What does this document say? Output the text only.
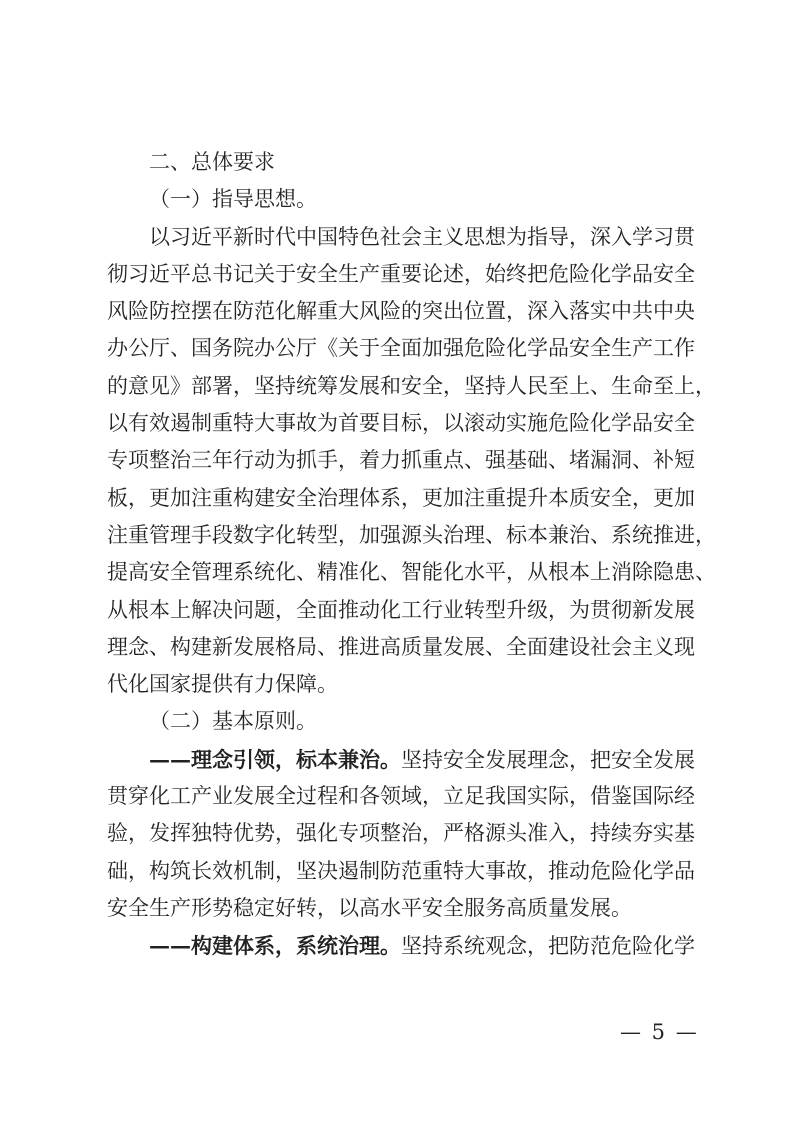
二、总体要求
（一）指导思想。
以习近平新时代中国特色社会主义思想为指导，深入学习贯
彻习近平总书记关于安全生产重要论述，始终把危险化学品安全
风险防控摆在防范化解重大风险的突出位置，深入落实中共中央
办公厅、国务院办公厅《关于全面加强危险化学品安全生产工作
的意见》部署，坚持统筹发展和安全，坚持人民至上、生命至上，
以有效遏制重特大事故为首要目标，以滚动实施危险化学品安全
专项整治三年行动为抓手，着力抓重点、强基础、堵漏洞、补短
板，更加注重构建安全治理体系，更加注重提升本质安全，更加
注重管理手段数字化转型，加强源头治理、标本兼治、系统推进，
提高安全管理系统化、精准化、智能化水平，从根本上消除隐患、
从根本上解决问题，全面推动化工行业转型升级，为贯彻新发展
理念、构建新发展格局、推进高质量发展、全面建设社会主义现
代化国家提供有力保障。
（二）基本原则。
——理念引领，标本兼治。坚持安全发展理念，把安全发展
贯穿化工产业发展全过程和各领域，立足我国实际，借鉴国际经
验，发挥独特优势，强化专项整治，严格源头准入，持续夯实基
础，构筑长效机制，坚决遏制防范重特大事故，推动危险化学品
安全生产形势稳定好转，以高水平安全服务高质量发展。
——构建体系，系统治理。坚持系统观念，把防范危险化学
— 5 —
